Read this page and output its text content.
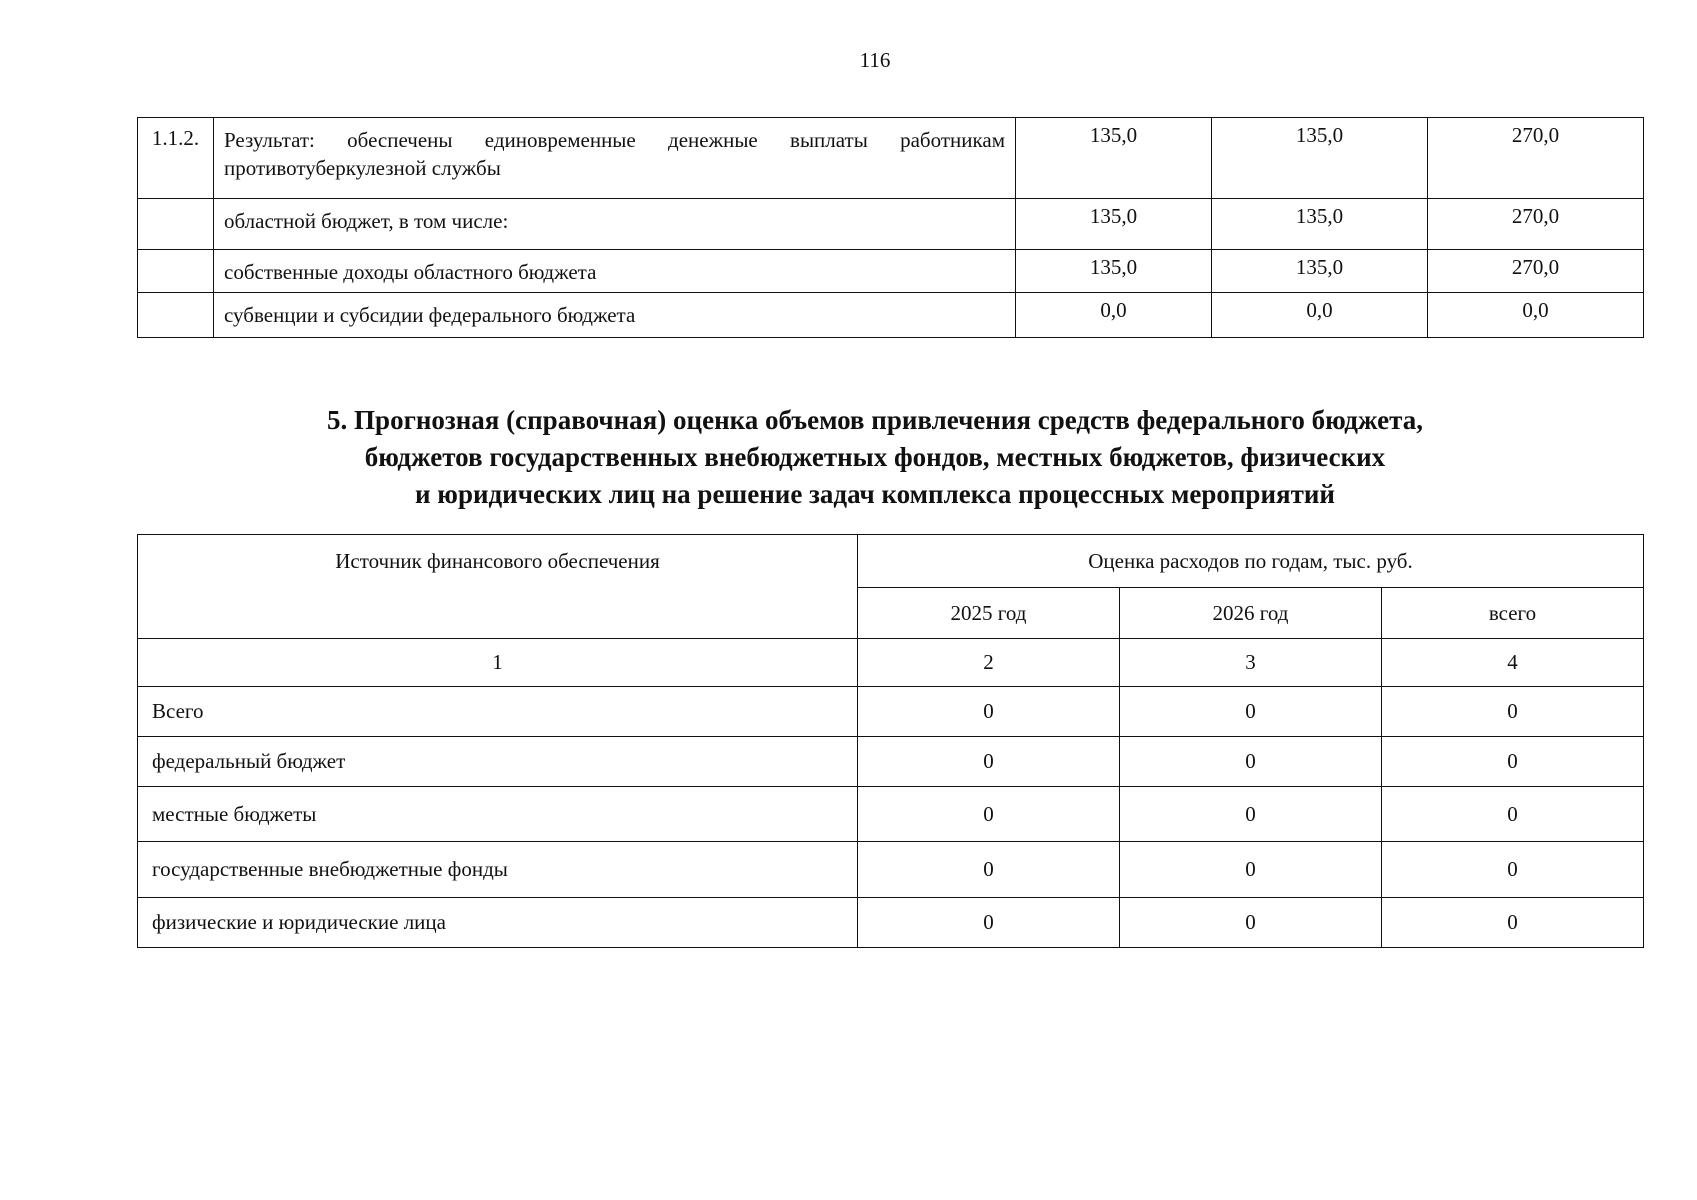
116
1.1.2.	Результат: обеспечены единовременные денежные выплаты работникам противотуберкулезной службы	135,0	135,0	270,0
	областной бюджет, в том числе:	135,0	135,0	270,0
	собственные доходы областного бюджета	135,0	135,0	270,0
	субвенции и субсидии федерального бюджета	0,0	0,0	0,0
5. Прогнозная (справочная) оценка объемов привлечения средств федерального бюджета,
бюджетов государственных внебюджетных фондов, местных бюджетов, физических
и юридических лиц на решение задач комплекса процессных мероприятий
Источник финансового обеспечения	Оценка расходов по годам, тыс. руб.		
	2025 год	2026 год	всего
1	2	3	4
Всего	0	0	0
федеральный бюджет	0	0	0
местные бюджеты	0	0	0
государственные внебюджетные фонды	0	0	0
физические и юридические лица	0	0	0
